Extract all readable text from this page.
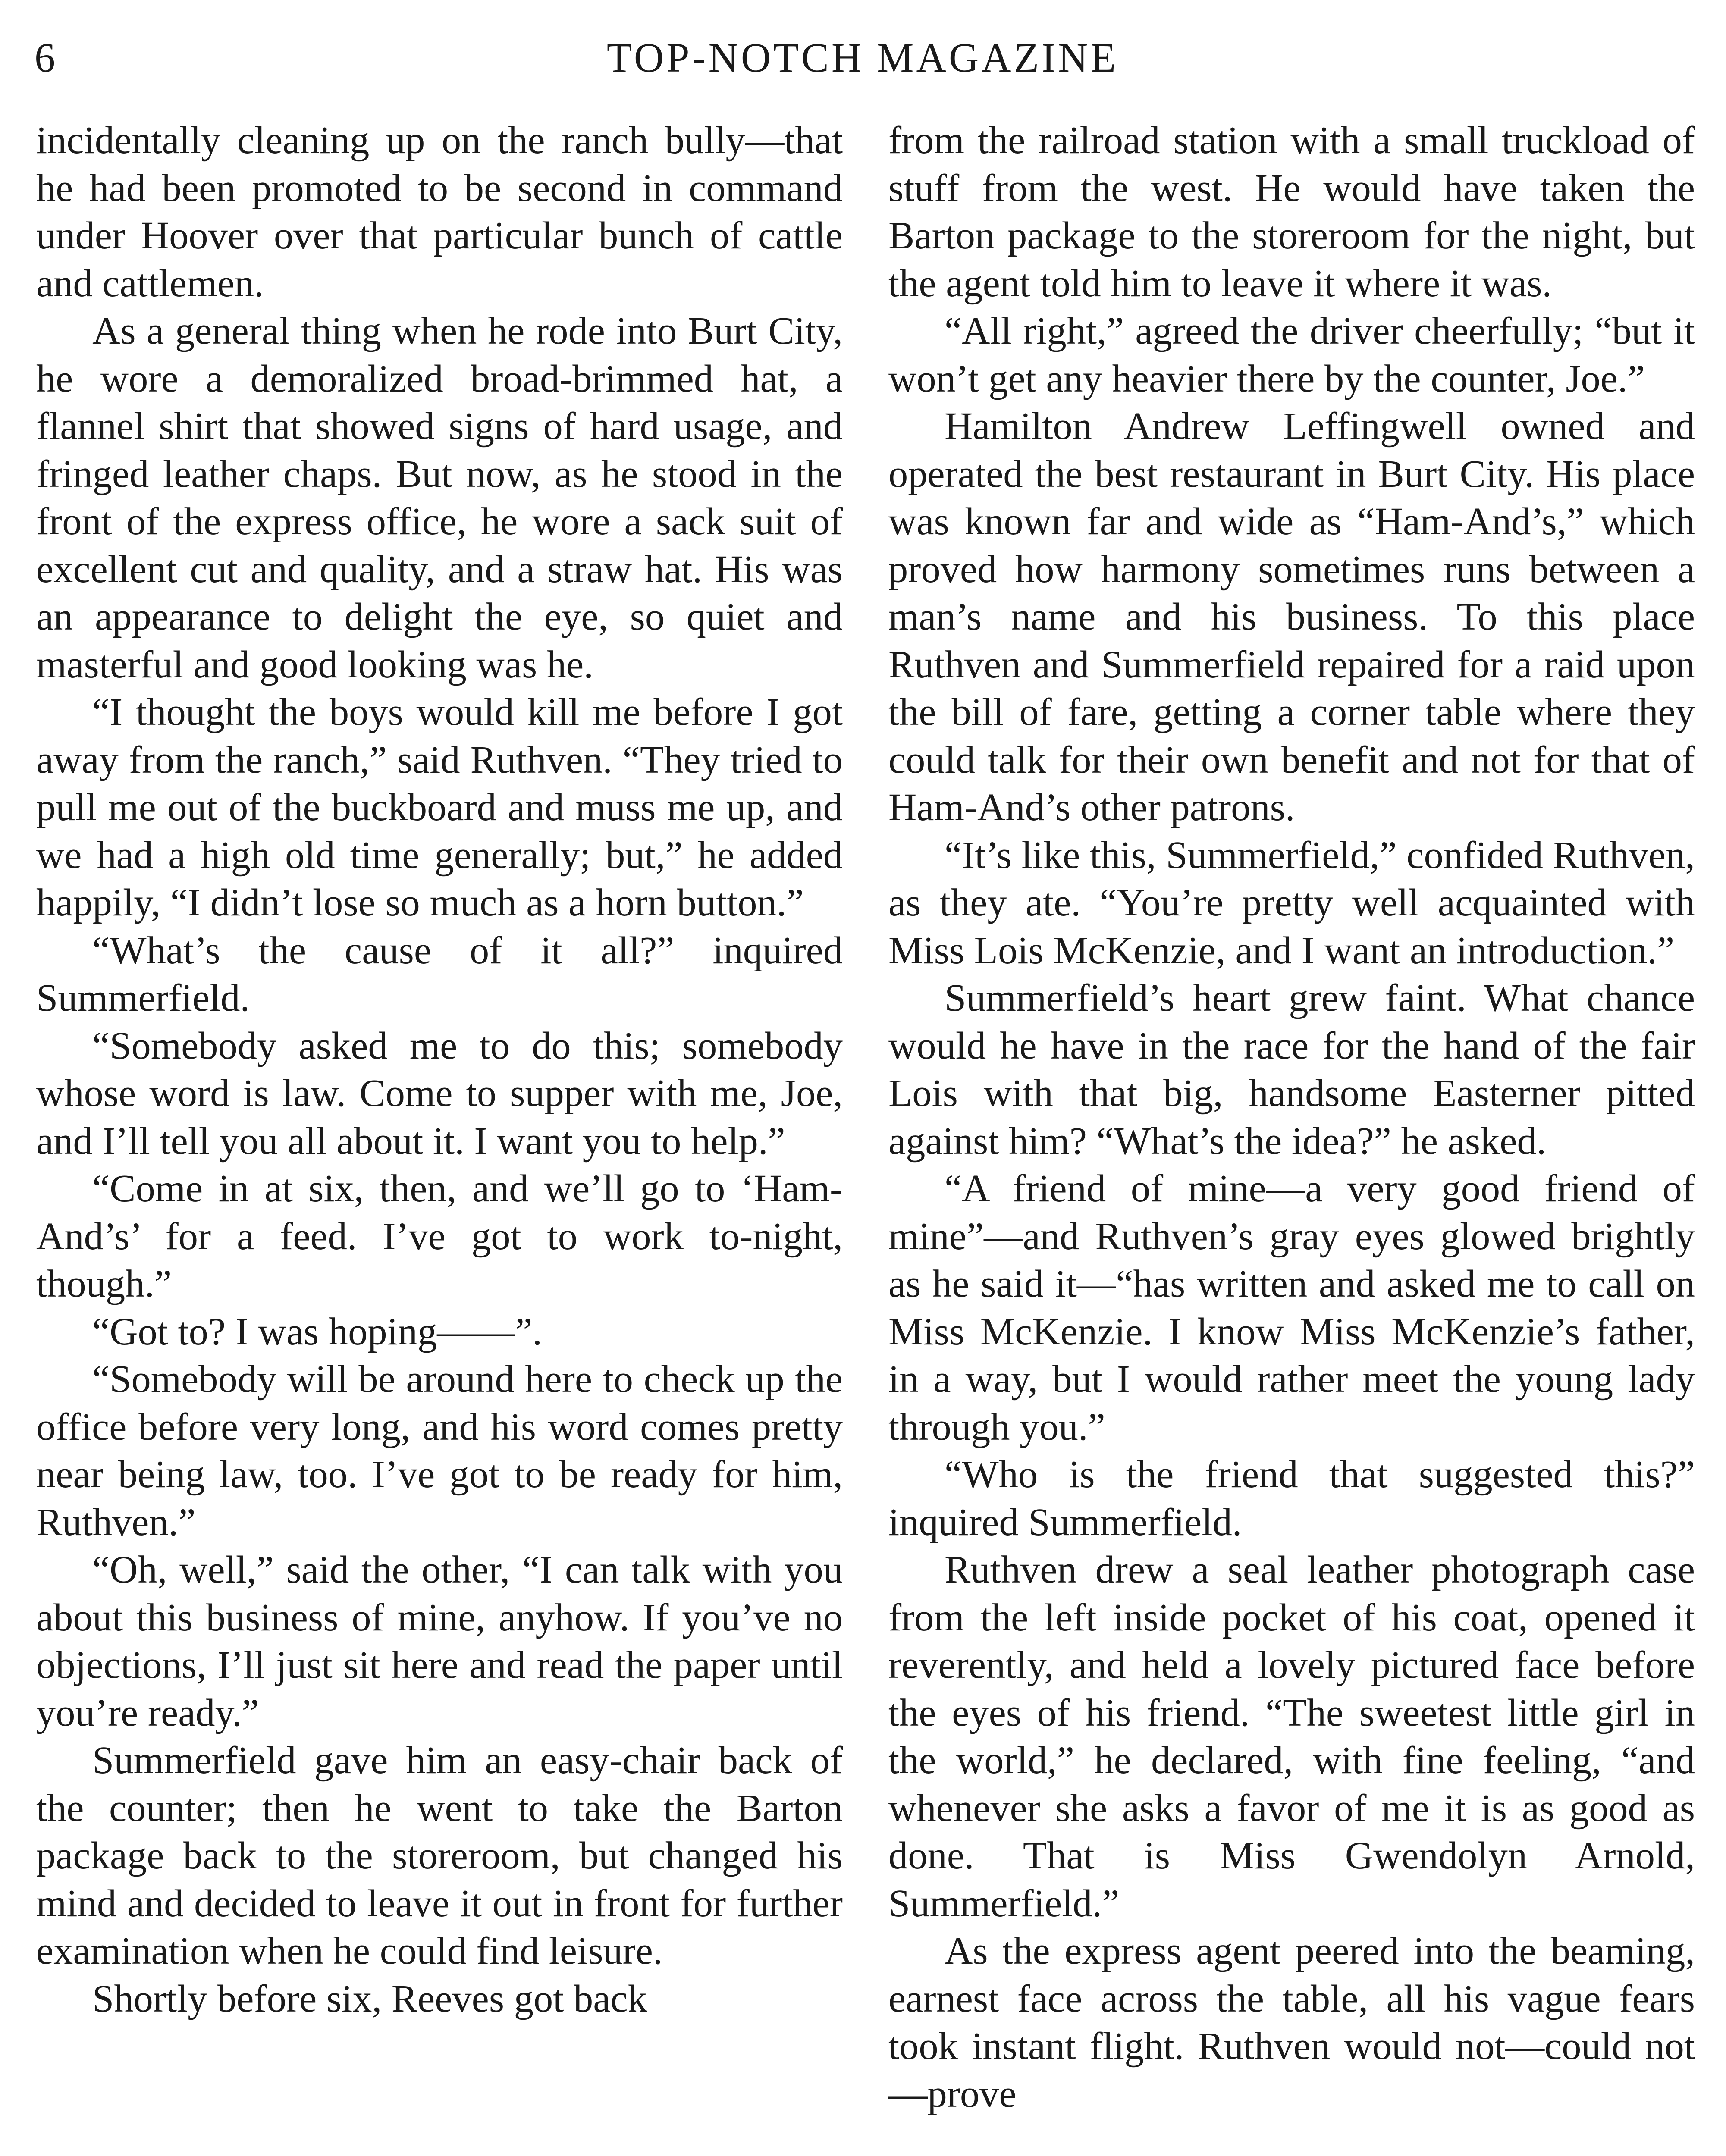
6	TOP-NOTCH MAGAZINE

incidentally cleaning up on the ranch bully—that he had been promoted to be second in command under Hoover over that particular bunch of cattle and cattlemen.

As a general thing when he rode into Burt City, he wore a demoralized broad-brimmed hat, a flannel shirt that showed signs of hard usage, and fringed leather chaps. But now, as he stood in the front of the express office, he wore a sack suit of excellent cut and quality, and a straw hat. His was an appearance to delight the eye, so quiet and masterful and good looking was he.

“I thought the boys would kill me before I got away from the ranch,” said Ruthven. “They tried to pull me out of the buckboard and muss me up, and we had a high old time generally; but,” he added happily, “I didn’t lose so much as a horn button.”

“What’s the cause of it all?” inquired Summerfield.

“Somebody asked me to do this; somebody whose word is law. Come to supper with me, Joe, and I’ll tell you all about it. I want you to help.”

“Come in at six, then, and we’ll go to ‘Ham-And’s’ for a feed. I’ve got to work to-night, though.”

“Got to? I was hoping——”.

“Somebody will be around here to check up the office before very long, and his word comes pretty near being law, too. I’ve got to be ready for him, Ruthven.”

“Oh, well,” said the other, “I can talk with you about this business of mine, anyhow. If you’ve no objections, I’ll just sit here and read the paper until you’re ready.”

Summerfield gave him an easy-chair back of the counter; then he went to take the Barton package back to the storeroom, but changed his mind and decided to leave it out in front for further examination when he could find leisure.

Shortly before six, Reeves got back

from the railroad station with a small truckload of stuff from the west. He would have taken the Barton package to the storeroom for the night, but the agent told him to leave it where it was.

“All right,” agreed the driver cheerfully; “but it won’t get any heavier there by the counter, Joe.”

Hamilton Andrew Leffingwell owned and operated the best restaurant in Burt City. His place was known far and wide as “Ham-And’s,” which proved how harmony sometimes runs between a man’s name and his business. To this place Ruthven and Summerfield repaired for a raid upon the bill of fare, getting a corner table where they could talk for their own benefit and not for that of Ham-And’s other patrons.

“It’s like this, Summerfield,” confided Ruthven, as they ate. “You’re pretty well acquainted with Miss Lois McKenzie, and I want an introduction.”

Summerfield’s heart grew faint. What chance would he have in the race for the hand of the fair Lois with that big, handsome Easterner pitted against him? “What’s the idea?” he asked.

“A friend of mine—a very good friend of mine”—and Ruthven’s gray eyes glowed brightly as he said it—“has written and asked me to call on Miss McKenzie. I know Miss McKenzie’s father, in a way, but I would rather meet the young lady through you.”

“Who is the friend that suggested this?” inquired Summerfield.

Ruthven drew a seal leather photograph case from the left inside pocket of his coat, opened it reverently, and held a lovely pictured face before the eyes of his friend. “The sweetest little girl in the world,” he declared, with fine feeling, “and whenever she asks a favor of me it is as good as done. That is Miss Gwendolyn Arnold, Summerfield.”

As the express agent peered into the beaming, earnest face across the table, all his vague fears took instant flight. Ruthven would not—could not—prove
